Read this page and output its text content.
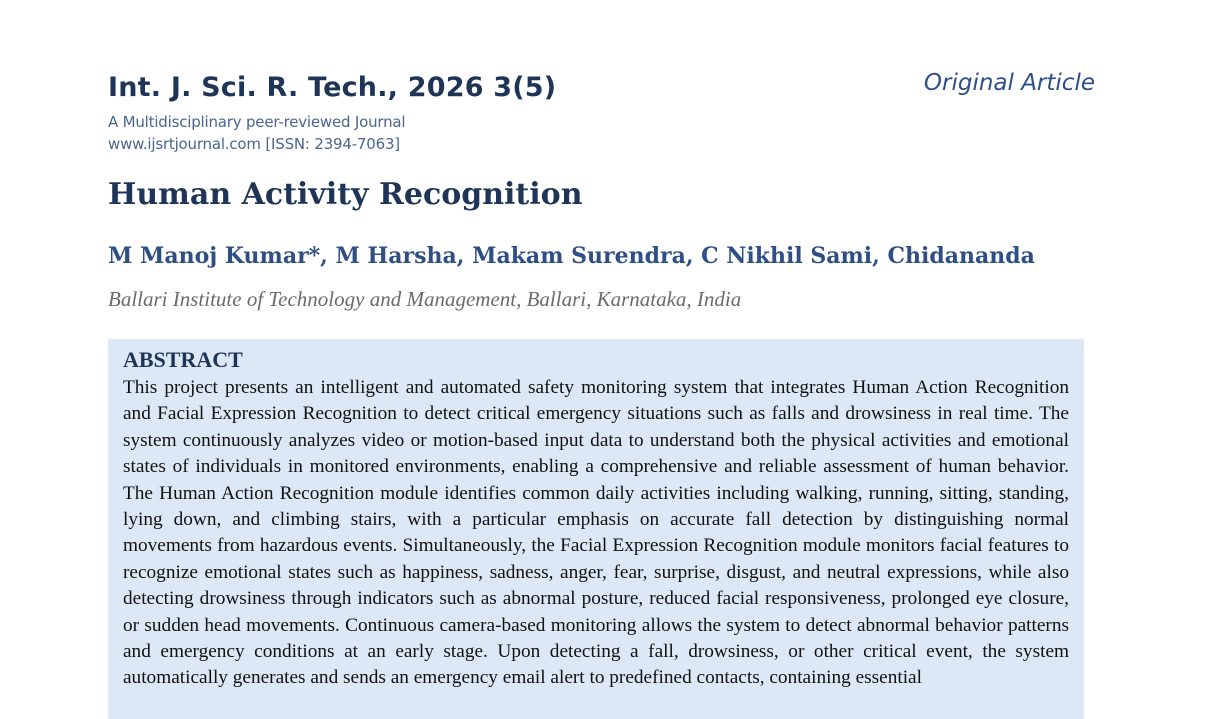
Int. J. Sci. R. Tech., 2026 3(5)	Original Article
A Multidisciplinary peer-reviewed Journal
www.ijsrtjournal.com [ISSN: 2394-7063]
Human Activity Recognition
M Manoj Kumar*, M Harsha, Makam Surendra, C Nikhil Sami, Chidananda
Ballari Institute of Technology and Management, Ballari, Karnataka, India
ABSTRACT

This project presents an intelligent and automated safety monitoring system that integrates Human Action Recognition and Facial Expression Recognition to detect critical emergency situations such as falls and drowsiness in real time. The system continuously analyzes video or motion-based input data to understand both the physical activities and emotional states of individuals in monitored environments, enabling a comprehensive and reliable assessment of human behavior. The Human Action Recognition module identifies common daily activities including walking, running, sitting, standing, lying down, and climbing stairs, with a particular emphasis on accurate fall detection by distinguishing normal movements from hazardous events. Simultaneously, the Facial Expression Recognition module monitors facial features to recognize emotional states such as happiness, sadness, anger, fear, surprise, disgust, and neutral expressions, while also detecting drowsiness through indicators such as abnormal posture, reduced facial responsiveness, prolonged eye closure, or sudden head movements. Continuous camera-based monitoring allows the system to detect abnormal behavior patterns and emergency conditions at an early stage. Upon detecting a fall, drowsiness, or other critical event, the system automatically generates and sends an emergency email alert to predefined contacts, containing essential
